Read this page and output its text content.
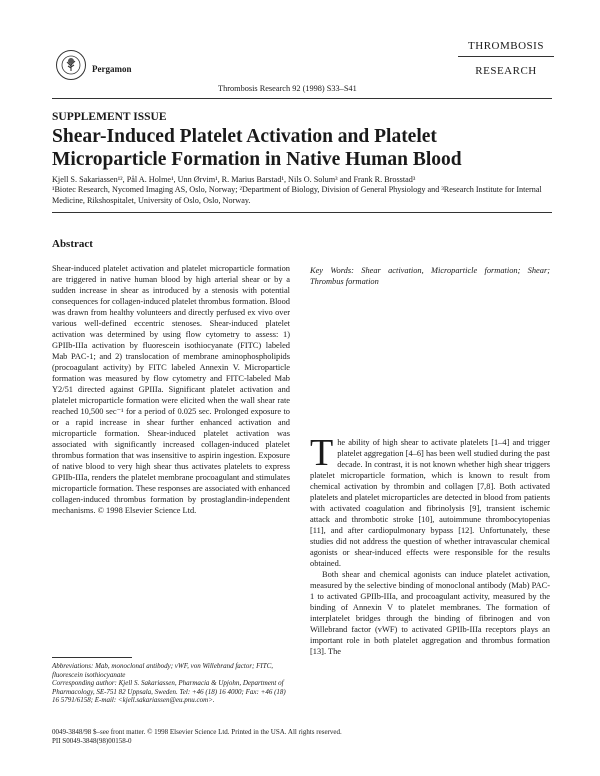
Pergamon
THROMBOSIS
RESEARCH
Thrombosis Research 92 (1998) S33–S41
SUPPLEMENT ISSUE
Shear-Induced Platelet Activation and Platelet Microparticle Formation in Native Human Blood
Kjell S. Sakariassen¹², Pål A. Holme¹, Unn Ørvim¹, R. Marius Barstad¹, Nils O. Solum³ and Frank R. Brosstad³
¹Biotec Research, Nycomed Imaging AS, Oslo, Norway; ²Department of Biology, Division of General Physiology and ³Research Institute for Internal Medicine, Rikshospitalet, University of Oslo, Oslo, Norway.
Abstract

Shear-induced platelet activation and platelet microparticle formation are triggered in native human blood by high arterial shear or by a sudden increase in shear as introduced by a stenosis with potential consequences for collagen-induced platelet thrombus formation. Blood was drawn from healthy volunteers and directly perfused ex vivo over various well-defined eccentric stenoses. Shear-induced platelet activation was determined by using flow cytometry to assess: 1) GPIIb-IIIa activation by fluorescein isothiocyanate (FITC) labeled Mab PAC-1; and 2) translocation of membrane aminophospholipids (procoagulant activity) by FITC labeled Annexin V. Microparticle formation was measured by flow cytometry and FITC-labeled Mab Y2/51 directed against GPIIIa. Significant platelet activation and platelet microparticle formation were elicited when the wall shear rate reached 10,500 sec⁻¹ for a period of 0.025 sec. Prolonged exposure to or a rapid increase in shear further enhanced activation and microparticle formation. Shear-induced platelet activation was associated with significantly increased collagen-induced platelet thrombus formation that was insensitive to aspirin ingestion. Exposure of native blood to very high shear thus activates platelets to express GPIIb-IIIa, renders the platelet membrane procoagulant and stimulates microparticle formation. These responses are associated with enhanced collagen-induced thrombus formation by prostaglandin-independent mechanisms. © 1998 Elsevier Science Ltd.

Key Words: Shear activation, Microparticle formation; Shear; Thrombus formation

The ability of high shear to activate platelets [1–4] and trigger platelet aggregation [4–6] has been well studied during the past decade. In contrast, it is not known whether high shear triggers platelet microparticle formation, which is known to result from chemical activation by thrombin and collagen [7,8]. Both activated platelets and platelet microparticles are detected in blood from patients with activated coagulation and fibrinolysis [9], transient ischemic attack and thrombotic stroke [10], autoimmune thrombocytopenias [11], and after cardiopulmonary bypass [12]. Unfortunately, these studies did not address the question of whether intravascular chemical agonists or shear-induced effects were responsible for the results obtained.

Both shear and chemical agonists can induce platelet activation, measured by the selective binding of monoclonal antibody (Mab) PAC-1 to activated GPIIb-IIIa, and procoagulant activity, measured by the binding of Annexin V to platelet membranes. The formation of interplatelet bridges through the binding of fibrinogen and von Willebrand factor (vWF) to activated GPIIb-IIIa receptors plays an important role in both platelet aggregation and thrombus formation [13]. The

Abbreviations: Mab, monoclonal antibody; vWF, von Willebrand factor; FITC, fluorescein isothiocyanate

Corresponding author: Kjell S. Sakariassen, Pharmacia & Upjohn, Department of Pharmacology, SE-751 82 Uppsala, Sweden. Tel: +46 (18) 16 4000; Fax: +46 (18) 16 5791/6158; E-mail: <kjell.sakariassen@eu.pnu.com>.

0049-3848/98 $–see front matter. © 1998 Elsevier Science Ltd. Printed in the USA. All rights reserved.

PII S0049-3848(98)00158-0
